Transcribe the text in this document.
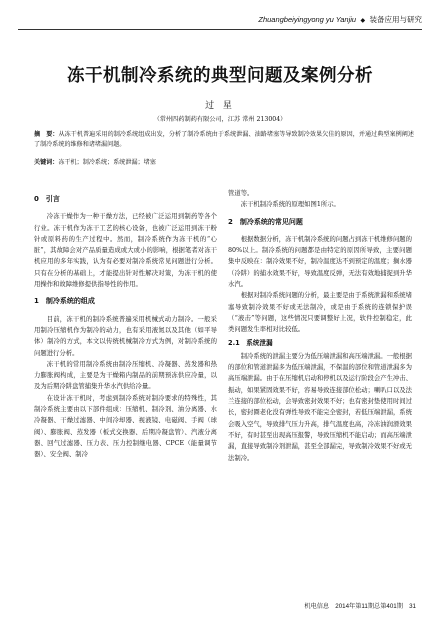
Zhuangbeiyingyong yu Yanjiu ◆ 装备应用与研究
冻干机制冷系统的典型问题及案例分析
过 星
（常州四药制药有限公司，江苏 常州 213004）
摘　要：从冻干机普遍采用的制冷系统组成出发，分析了制冷系统由于系统泄漏、油路堵塞等导致制冷效果欠佳的原因，并通过典型案例阐述了制冷系统的维修和诸堵漏问题。
关键词：冻干机；制冷系统；系统泄漏；堵塞
0　引言

冷冻干燥作为一种干燥方法，已经被广泛运用到制药等各个行业。冻干机作为冻干工艺的核心设备，也被广泛运用到冻干粉针或原料药的生产过程中。然而，制冷系统作为冻干机的“心脏”，其故障会对产品质量造成或大或小的影响，根据笔者对冻干机应用的多年实践，认为有必要对制冷系统常见问题进行分析。只有在分析的基础上，才能提出针对性解决对策，为冻干机的使用操作和故障维修提供指导性的作用。

1　制冷系统的组成

目前，冻干机的制冷系统普遍采用机械式动力制冷。一般采用制冷压缩机作为制冷的动力，也有采用液氮以及其他（如平导体）制冷的方式，本文以传统机械制冷方式为例，对制冷系统的问题进行分析。

冻干机的常用制冷系统由制冷压缩机、冷凝器、蒸发器和热力膨胀阀构成，主要是为干燥箱内制品的前期预冻供应冷量，以及为后期冷阱盘管捕集升华水汽供给冷量。

在设计冻干机时，考虑到制冷系统对制冷要求的特殊性，其制冷系统主要由以下部件组成：压缩机、制冷剂、油分离器、水冷凝器、干燥过滤器、中间冷却器、视液镜、电磁阀、手阀（球阀）、膨胀阀、蒸发器（板式交换器、后期冷凝盘管）、汽液分离器、回气过滤器、压力表、压力控制继电器、CPCE（能量调节器）、安全阀、制冷

管道等。

冻干机制冷系统的原理如图1所示。

2　制冷系统的常见问题

根据数据分析，冻干机制冷系统的问题占到冻干机维修问题的80%以上。制冷系统的问题都是由特定的原因所导致，主要问题集中反映在：制冷效果不好，制冷温度达不到预定的温度；搁水器（冷阱）的捕水效果不好，导致温度反弹，无法有效地捕捉到升华水汽。

根据对制冷系统问题的分析，最主要是由于系统泄漏和系统堵塞导致制冷效果不好或无法制冷，或是由于系统的连锁保护误（“液击”等问题，这些情况只要调整好上况，软件控制稳定，此类问题发生率相对比较低。

2.1　系统泄漏

制冷系统的泄漏主要分为低压端泄漏和高压端泄漏。一般根据的部位和管道泄漏多为低压端泄漏，不保温的部位和管道泄漏多为高压端泄漏。由于在压缩机启动和停机以及运行阶段会产生冲击、振动，如果紧固效果不好，容易导致连接部位松动；喇叭口以及法兰连接的部位松动，会导致密封效果不好；也有密封垫使用时间过长，密封圈老化没有弹性导致不能完全密封，若低压端泄漏，系统会吸入空气，导致排气压力升高，排气温度也高，冷冻油润滑效果不好，有时甚至出现高压报警，导致压缩机不能启动；而高压端泄漏，直接导致制冷剂泄漏，甚至全部漏完，导致制冷效果不好或无法制冷。

机电信息　2014年第11期总第401期　31
